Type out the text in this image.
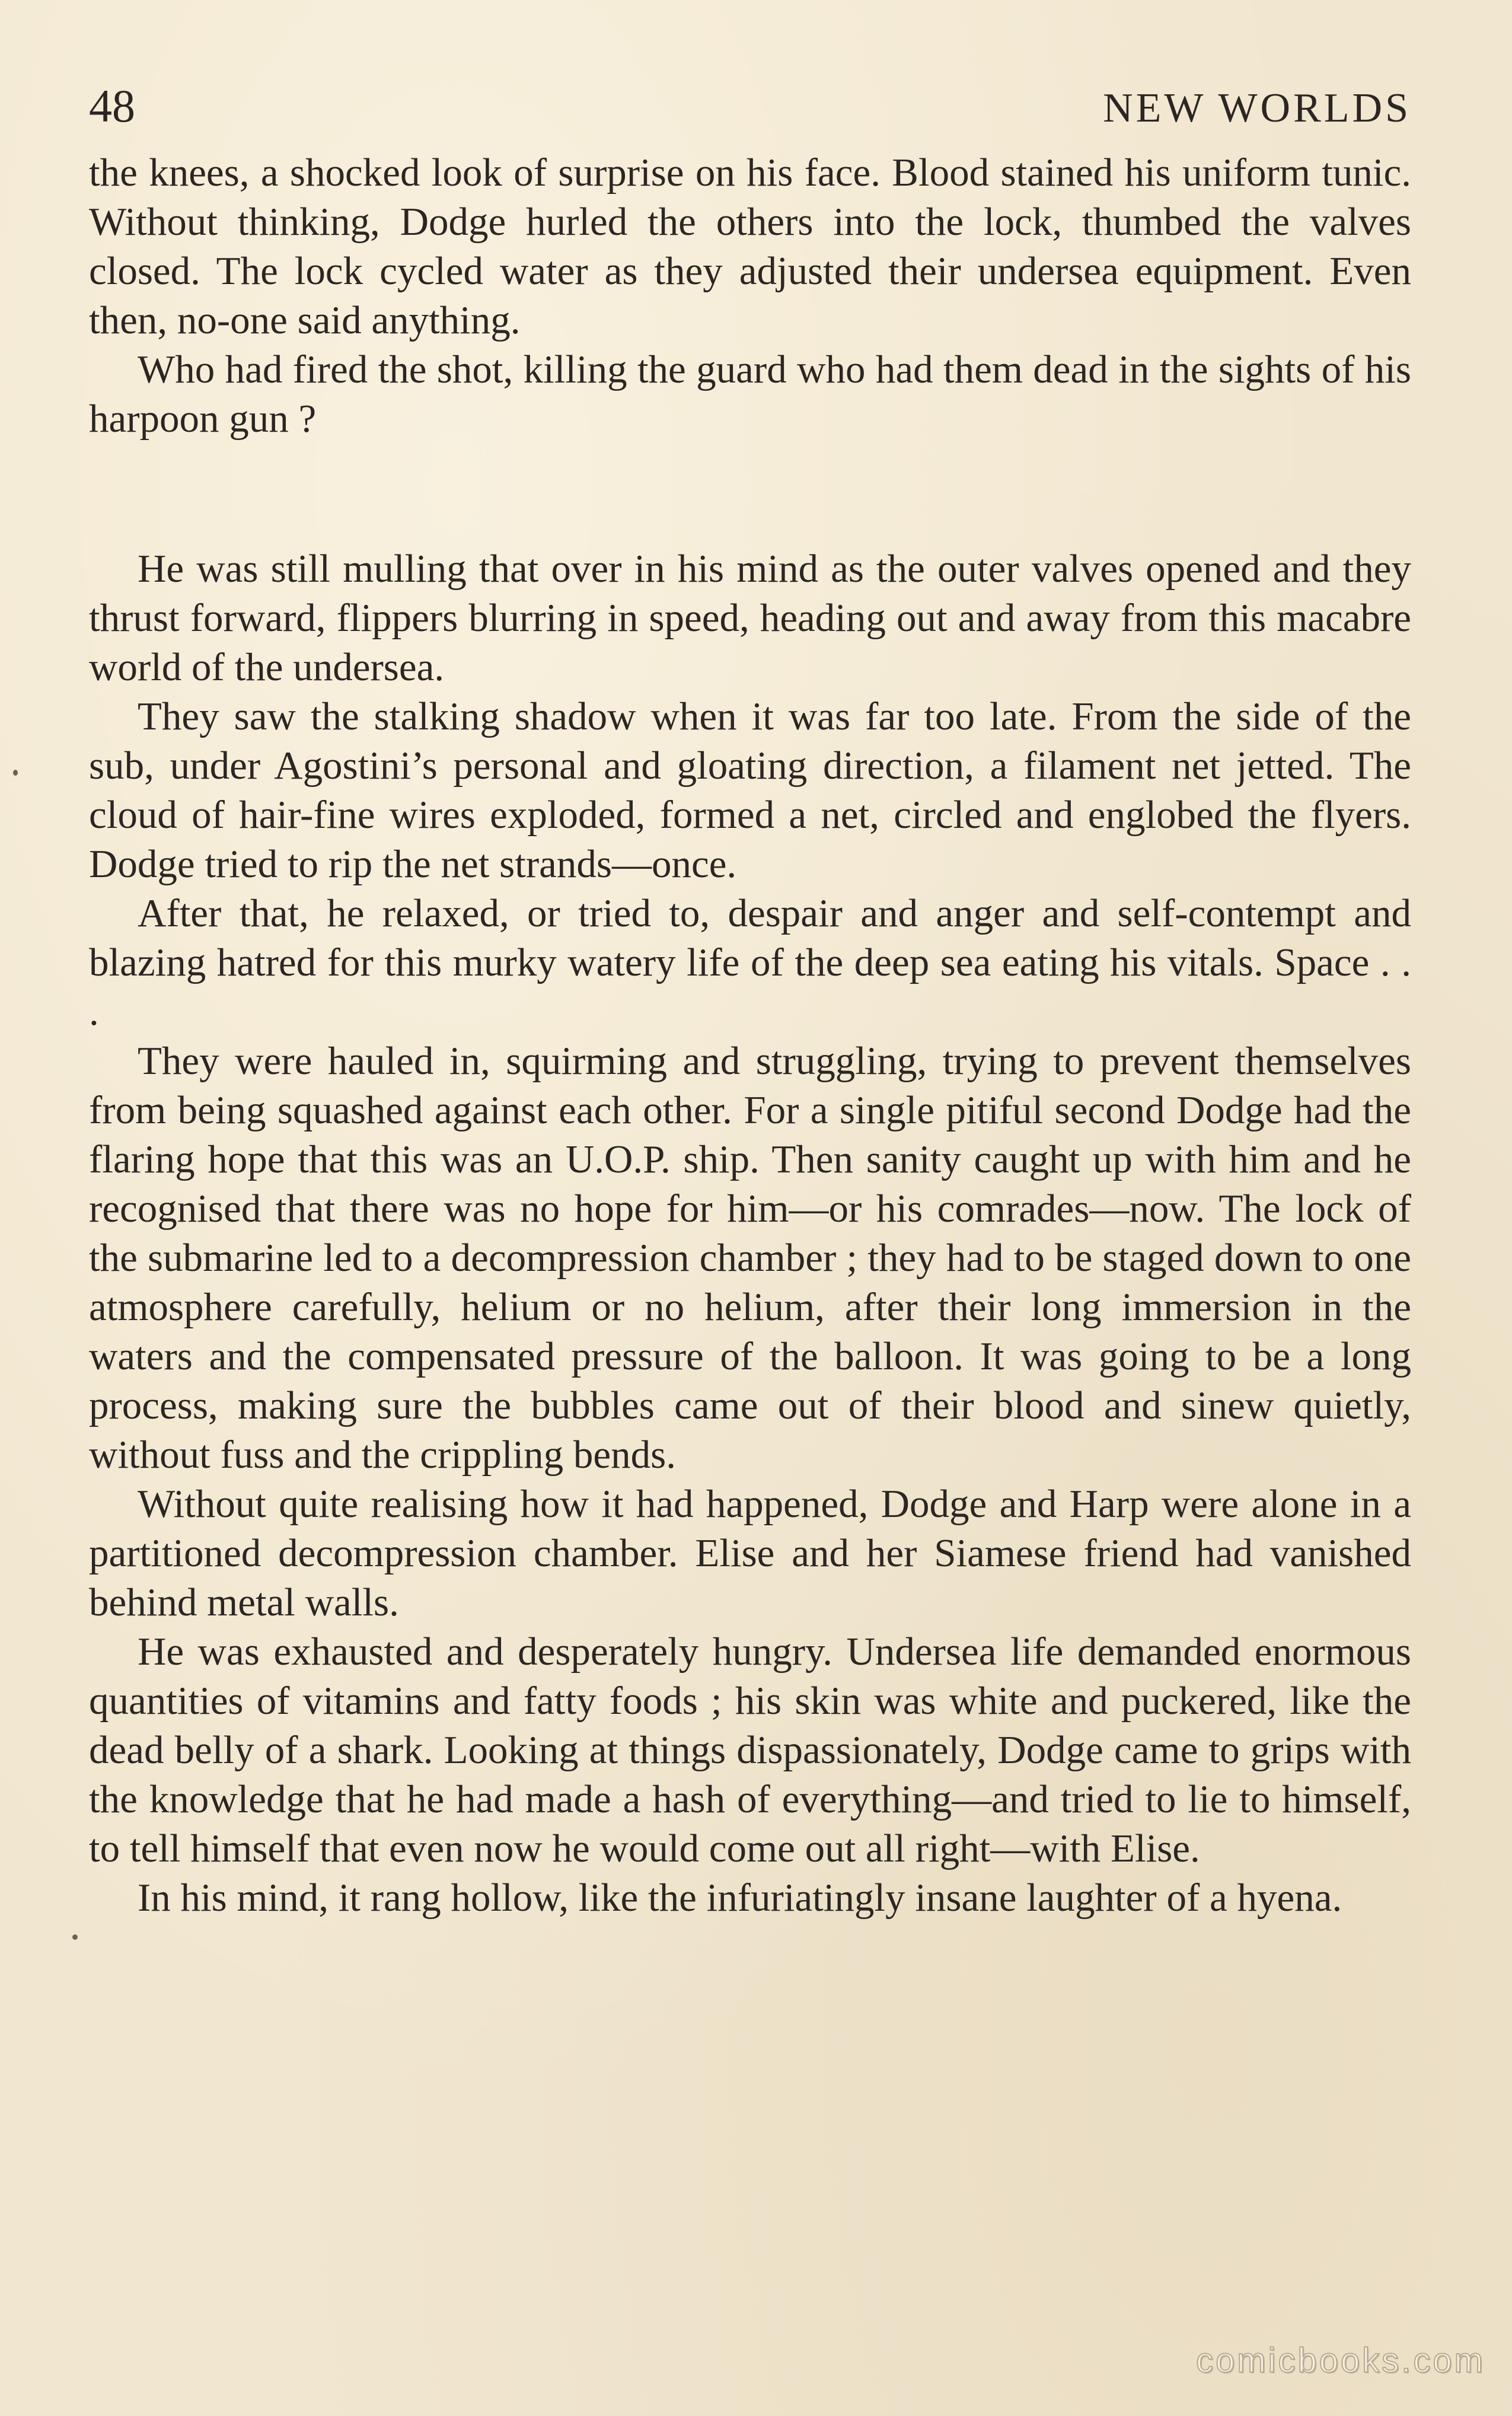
48	NEW WORLDS

the knees, a shocked look of surprise on his face. Blood stained his uniform tunic. Without thinking, Dodge hurled the others into the lock, thumbed the valves closed. The lock cycled water as they adjusted their undersea equipment. Even then, no-one said anything.

Who had fired the shot, killing the guard who had them dead in the sights of his harpoon gun ?

He was still mulling that over in his mind as the outer valves opened and they thrust forward, flippers blurring in speed, heading out and away from this macabre world of the undersea.

They saw the stalking shadow when it was far too late. From the side of the sub, under Agostini’s personal and gloating direction, a filament net jetted. The cloud of hair-fine wires exploded, formed a net, circled and englobed the flyers. Dodge tried to rip the net strands—once.

After that, he relaxed, or tried to, despair and anger and self-contempt and blazing hatred for this murky watery life of the deep sea eating his vitals. Space . . .

They were hauled in, squirming and struggling, trying to prevent themselves from being squashed against each other. For a single pitiful second Dodge had the flaring hope that this was an U.O.P. ship. Then sanity caught up with him and he recognised that there was no hope for him—or his comrades—now. The lock of the submarine led to a decompression chamber ; they had to be staged down to one atmosphere carefully, helium or no helium, after their long immersion in the waters and the compensated pressure of the balloon. It was going to be a long process, making sure the bubbles came out of their blood and sinew quietly, without fuss and the crippling bends.

Without quite realising how it had happened, Dodge and Harp were alone in a partitioned decompression chamber. Elise and her Siamese friend had vanished behind metal walls.

He was exhausted and desperately hungry. Undersea life demanded enormous quantities of vitamins and fatty foods ; his skin was white and puckered, like the dead belly of a shark. Looking at things dispassionately, Dodge came to grips with the knowledge that he had made a hash of everything—and tried to lie to himself, to tell himself that even now he would come out all right—with Elise.

In his mind, it rang hollow, like the infuriatingly insane laughter of a hyena.

comicbooks.com
